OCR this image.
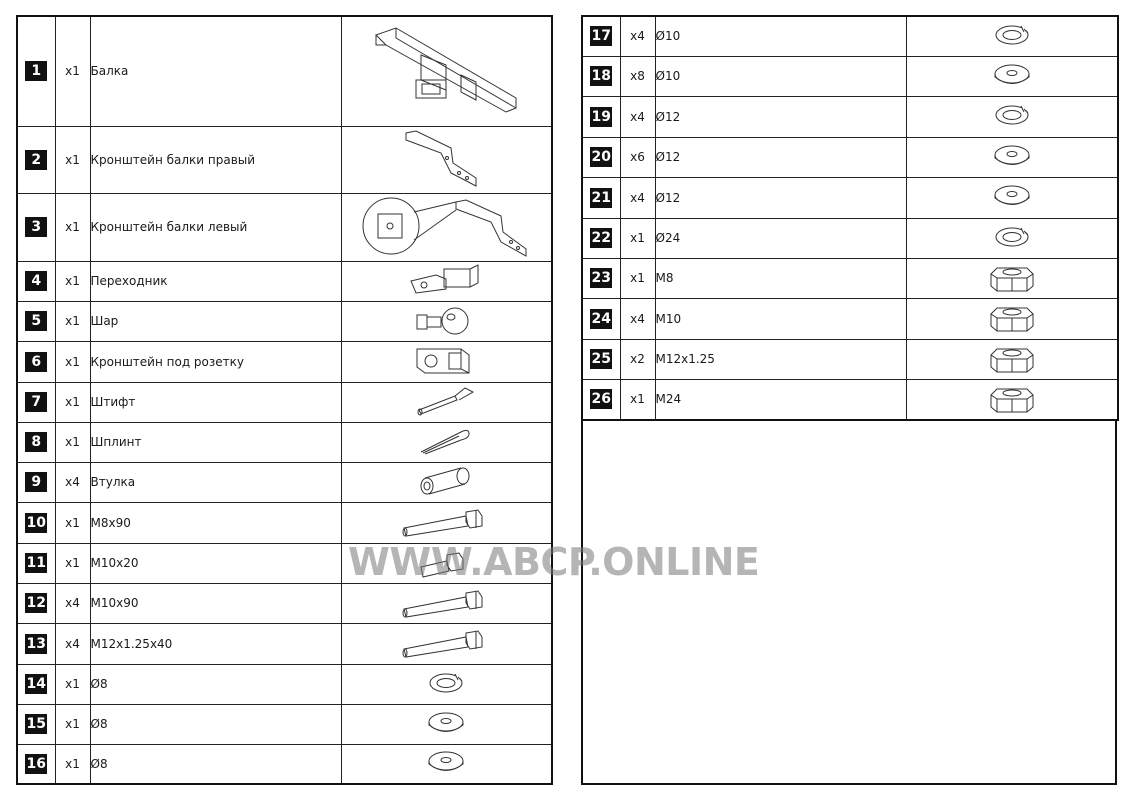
1	x1	Балка	

2	x1	Кронштейн балки правый	

3	x1	Кронштейн балки левый	

4	x1	Переходник	

5	x1	Шар	

6	x1	Кронштейн под розетку	

7	x1	Штифт	

8	x1	Шплинт	

9	x4	Втулка	

10	x1	M8x90	

11	x1	M10x20	

12	x4	M10x90	

13	x4	M12x1.25x40	

14	x1	Ø8	

15	x1	Ø8	

16	x1	Ø8	
17	x4	Ø10	

18	x8	Ø10	

19	x4	Ø12	

20	x6	Ø12	

21	x4	Ø12	

22	x1	Ø24	

23	x1	M8	

24	x4	M10	

25	x2	M12x1.25	

26	x1	M24	
WWW.ABCP.ONLINE
